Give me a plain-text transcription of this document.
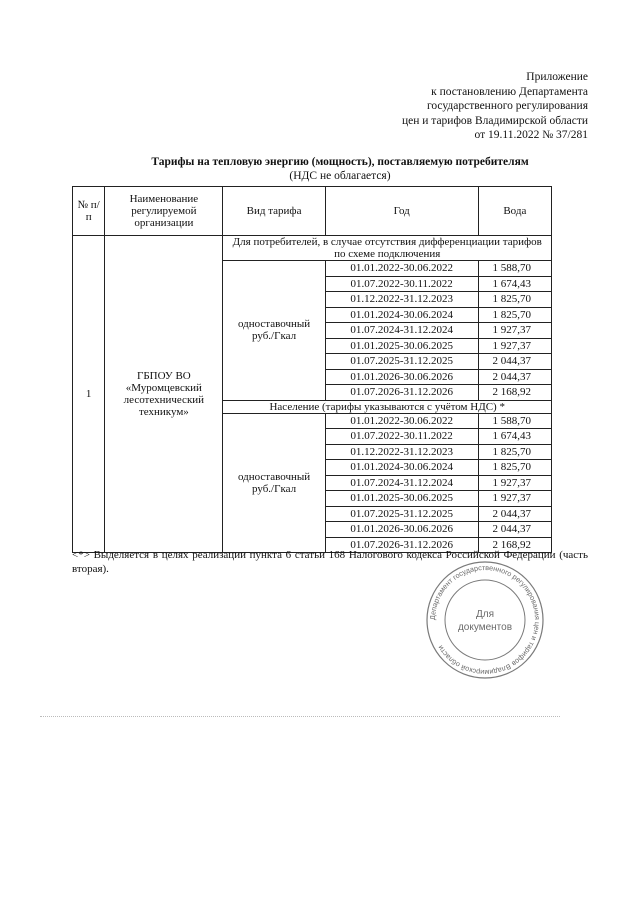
Приложение
к постановлению Департамента
государственного регулирования
цен и тарифов Владимирской области
от 19.11.2022 № 37/281
Тарифы на тепловую энергию (мощность), поставляемую потребителям
(НДС не облагается)
№ п/п	Наименование регулируемой организации	Вид тарифа	Год	Вода
1	ГБПОУ ВО «Муромцевский лесотехнический техникум»	Для потребителей, в случае отсутствия дифференциации тарифов по схеме подключения		
		одноставочный руб./Гкал	01.01.2022-30.06.2022	1 588,70
			01.07.2022-30.11.2022	1 674,43
			01.12.2022-31.12.2023	1 825,70
			01.01.2024-30.06.2024	1 825,70
			01.07.2024-31.12.2024	1 927,37
			01.01.2025-30.06.2025	1 927,37
			01.07.2025-31.12.2025	2 044,37
			01.01.2026-30.06.2026	2 044,37
			01.07.2026-31.12.2026	2 168,92
		Население (тарифы указываются с учётом НДС) *		
		одноставочный руб./Гкал	01.01.2022-30.06.2022	1 588,70
			01.07.2022-30.11.2022	1 674,43
			01.12.2022-31.12.2023	1 825,70
			01.01.2024-30.06.2024	1 825,70
			01.07.2024-31.12.2024	1 927,37
			01.01.2025-30.06.2025	1 927,37
			01.07.2025-31.12.2025	2 044,37
			01.01.2026-30.06.2026	2 044,37
			01.07.2026-31.12.2026	2 168,92
<*> Выделяется в целях реализации пункта 6 статьи 168 Налогового кодекса Российской Федерации (часть вторая).
Департамент государственного регулирования цен и тарифов Владимирской области
Для
документов
